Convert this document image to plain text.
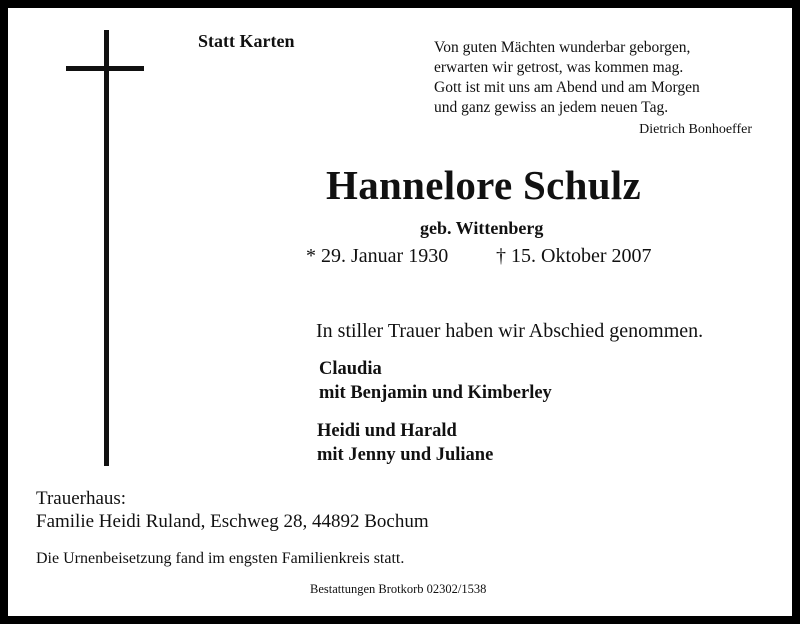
Statt Karten	Von guten Mächten wunderbar geborgen,
erwarten wir getrost, was kommen mag.
Gott ist mit uns am Abend und am Morgen
und ganz gewiss an jedem neuen Tag.
Dietrich Bonhoeffer
Hannelore Schulz
geb. Wittenberg
* 29. Januar 1930 † 15. Oktober 2007
In stiller Trauer haben wir Abschied genommen.
Claudia
mit Benjamin und Kimberley
Heidi und Harald
mit Jenny und Juliane
Trauerhaus:
Familie Heidi Ruland, Eschweg 28, 44892 Bochum
Die Urnenbeisetzung fand im engsten Familienkreis statt.
Bestattungen Brotkorb 02302/1538
